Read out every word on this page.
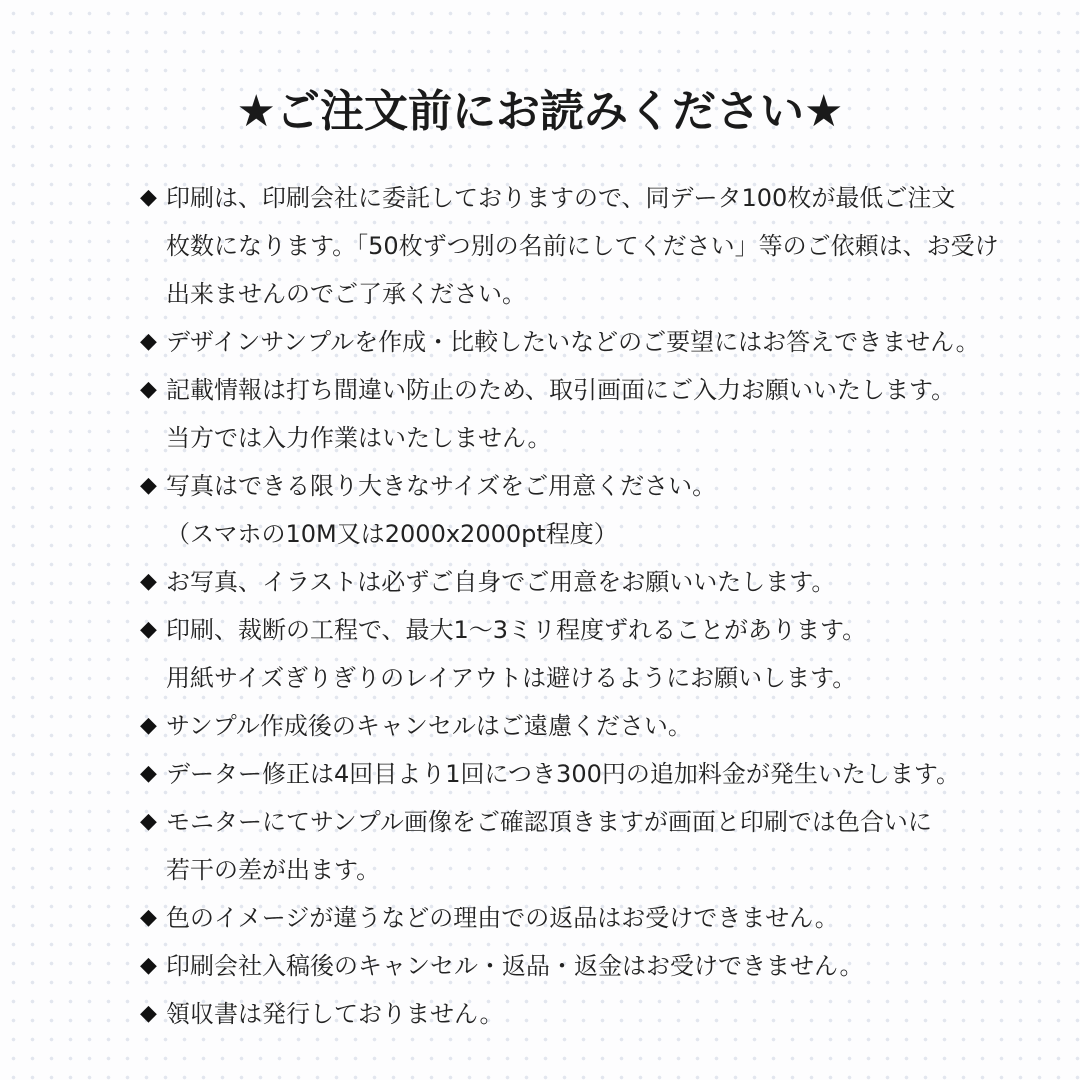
★ご注文前にお読みください★
◆ 印刷は、印刷会社に委託しておりますので、同データ100枚が最低ご注文
枚数になります。「50枚ずつ別の名前にしてください」等のご依頼は、お受け
出来ませんのでご了承ください。
◆ デザインサンプルを作成・比較したいなどのご要望にはお答えできません。
◆ 記載情報は打ち間違い防止のため、取引画面にご入力お願いいたします。
当方では入力作業はいたしません。
◆ 写真はできる限り大きなサイズをご用意ください。
（スマホの10M又は2000x2000pt程度）
◆ お写真、イラストは必ずご自身でご用意をお願いいたします。
◆ 印刷、裁断の工程で、最大1〜3ミリ程度ずれることがあります。
用紙サイズぎりぎりのレイアウトは避けるようにお願いします。
◆ サンプル作成後のキャンセルはご遠慮ください。
◆ データー修正は4回目より1回につき300円の追加料金が発生いたします。
◆ モニターにてサンプル画像をご確認頂きますが画面と印刷では色合いに
若干の差が出ます。
◆ 色のイメージが違うなどの理由での返品はお受けできません。
◆ 印刷会社入稿後のキャンセル・返品・返金はお受けできません。
◆ 領収書は発行しておりません。
